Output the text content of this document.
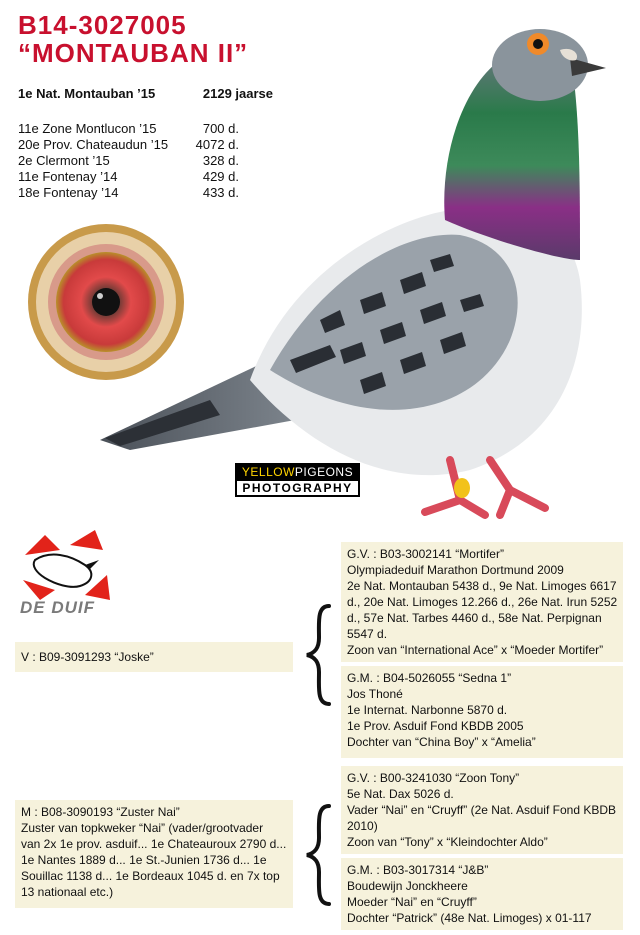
B14-3027005
“MONTAUBAN II”
1e Nat. Montauban ’15	2129 jaarse
11e Zone Montlucon ’15	700 d.
20e Prov. Chateaudun ’15 4072 d.
2e Clermont ’15	328 d.
11e Fontenay ’14	429 d.
18e Fontenay ’14	433 d.
YELLOWPIGEONS
PHOTOGRAPHY
DE DUIF
G.V. : B03-3002141 “Mortifer”
Olympiadeduif Marathon Dortmund 2009
2e Nat. Montauban 5438 d., 9e Nat. Limoges 6617
d., 20e Nat. Limoges 12.266 d., 26e Nat. Irun 5252
d., 57e Nat. Tarbes 4460 d., 58e Nat. Perpignan
5547 d.
Zoon van “International Ace” x “Moeder Mortifer”
G.M. : B04-5026055 “Sedna 1”
Jos Thoné
1e Internat. Narbonne 5870 d.
1e Prov. Asduif Fond KBDB 2005
Dochter van “China Boy” x “Amelia”
V : B09-3091293 “Joske”
G.V. : B00-3241030 “Zoon Tony”
5e Nat. Dax 5026 d.
Vader “Nai” en “Cruyff” (2e Nat. Asduif Fond KBDB
2010)
Zoon van “Tony” x “Kleindochter Aldo”
G.M. : B03-3017314 “J&B”
Boudewijn Jonckheere
Moeder “Nai” en “Cruyff”
Dochter “Patrick” (48e Nat. Limoges) x 01-117
M : B08-3090193 “Zuster Nai”
Zuster van topkweker “Nai” (vader/grootvader
van 2x 1e prov. asduif... 1e Chateauroux 2790 d...
1e Nantes 1889 d... 1e St.-Junien 1736 d... 1e
Souillac 1138 d... 1e Bordeaux 1045 d. en 7x top
13 nationaal etc.)
